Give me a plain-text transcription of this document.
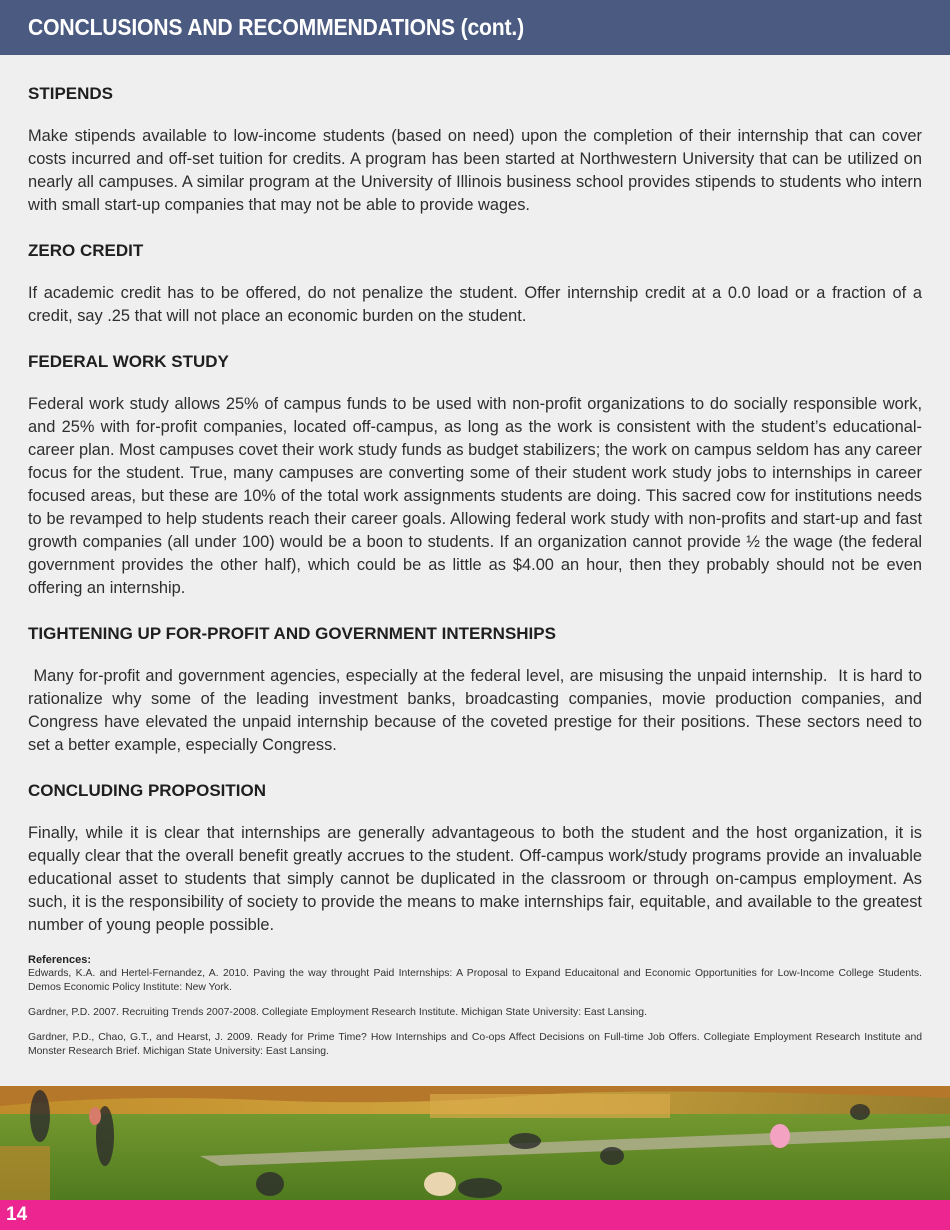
CONCLUSIONS AND RECOMMENDATIONS (cont.)
STIPENDS

Make stipends available to low-income students (based on need) upon the completion of their internship that can cover costs incurred and off-set tuition for credits. A program has been started at Northwestern University that can be utilized on nearly all campuses. A similar program at the University of Illinois business school provides stipends to students who intern with small start-up companies that may not be able to provide wages.

ZERO CREDIT

If academic credit has to be offered, do not penalize the student. Offer internship credit at a 0.0 load or a fraction of a credit, say .25 that will not place an economic burden on the student.

FEDERAL WORK STUDY

Federal work study allows 25% of campus funds to be used with non-profit organizations to do socially responsible work, and 25% with for-profit companies, located off-campus, as long as the work is consistent with the student’s educational-career plan. Most campuses covet their work study funds as budget stabilizers; the work on campus seldom has any career focus for the student. True, many campuses are converting some of their student work study jobs to internships in career focused areas, but these are 10% of the total work assignments students are doing. This sacred cow for institutions needs to be revamped to help students reach their career goals. Allowing federal work study with non-profits and start-up and fast growth companies (all under 100) would be a boon to students. If an organization cannot provide ½ the wage (the federal government provides the other half), which could be as little as $4.00 an hour, then they probably should not be even offering an internship.

TIGHTENING UP FOR-PROFIT AND GOVERNMENT INTERNSHIPS

Many for-profit and government agencies, especially at the federal level, are misusing the unpaid internship.  It is hard to rationalize why some of the leading investment banks, broadcasting companies, movie production companies, and Congress have elevated the unpaid internship because of the coveted prestige for their positions. These sectors need to set a better example, especially Congress.

CONCLUDING PROPOSITION

Finally, while it is clear that internships are generally advantageous to both the student and the host organization, it is equally clear that the overall benefit greatly accrues to the student. Off-campus work/study programs provide an invaluable educational asset to students that simply cannot be duplicated in the classroom or through on-campus employment. As such, it is the responsibility of society to provide the means to make internships fair, equitable, and available to the greatest number of young people possible.

References:

Edwards, K.A. and Hertel-Fernandez, A. 2010. Paving the way throught Paid Internships: A Proposal to Expand Educaitonal and Economic Opportunities for Low-Income College Students. Demos Economic Policy Institute: New York.

Gardner, P.D. 2007. Recruiting Trends 2007-2008. Collegiate Employment Research Institute. Michigan State University: East Lansing.

Gardner, P.D., Chao, G.T., and Hearst, J. 2009. Ready for Prime Time? How Internships and Co-ops Affect Decisions on Full-time Job Offers. Collegiate Employment Research Institute and Monster Research Brief. Michigan State University: East Lansing.

14
